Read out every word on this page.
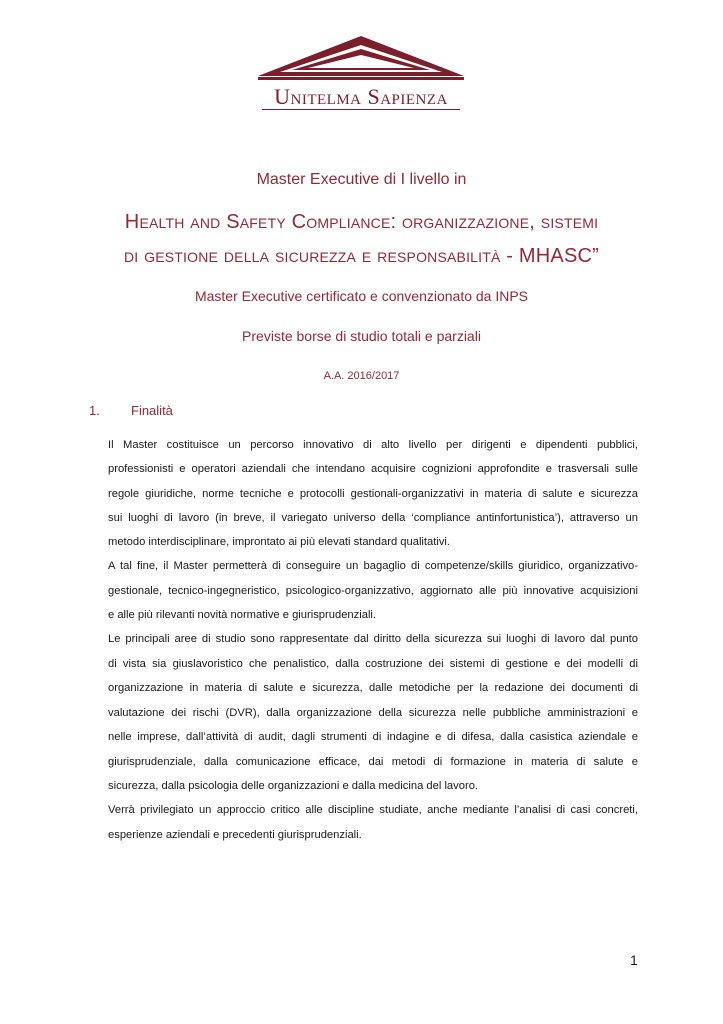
Unitelma Sapienza
Master Executive di I livello in
Health and Safety Compliance: organizzazione, sistemi
di gestione della sicurezza e responsabilità - MHASC”
Master Executive certificato e convenzionato da INPS
Previste borse di studio totali e parziali
A.A. 2016/2017
1. Finalità
Il Master costituisce un percorso innovativo di alto livello per dirigenti e dipendenti pubblici,
professionisti e operatori aziendali che intendano acquisire cognizioni approfondite e trasversali sulle
regole giuridiche, norme tecniche e protocolli gestionali-organizzativi in materia di salute e sicurezza
sui luoghi di lavoro (in breve, il variegato universo della ‘compliance antinfortunistica’), attraverso un
metodo interdisciplinare, improntato ai più elevati standard qualitativi.
A tal fine, il Master permetterà di conseguire un bagaglio di competenze/skills giuridico, organizzativo-
gestionale, tecnico-ingegneristico, psicologico-organizzativo, aggiornato alle più innovative acquisizioni
e alle più rilevanti novità normative e giurisprudenziali.
Le principali aree di studio sono rappresentate dal diritto della sicurezza sui luoghi di lavoro dal punto
di vista sia giuslavoristico che penalistico, dalla costruzione dei sistemi di gestione e dei modelli di
organizzazione in materia di salute e sicurezza, dalle metodiche per la redazione dei documenti di
valutazione dei rischi (DVR), dalla organizzazione della sicurezza nelle pubbliche amministrazioni e
nelle imprese, dall’attività di audit, dagli strumenti di indagine e di difesa, dalla casistica aziendale e
giurisprudenziale, dalla comunicazione efficace, dai metodi di formazione in materia di salute e
sicurezza, dalla psicologia delle organizzazioni e dalla medicina del lavoro.
Verrà privilegiato un approccio critico alle discipline studiate, anche mediante l’analisi di casi concreti,
esperienze aziendali e precedenti giurisprudenziali.
1
